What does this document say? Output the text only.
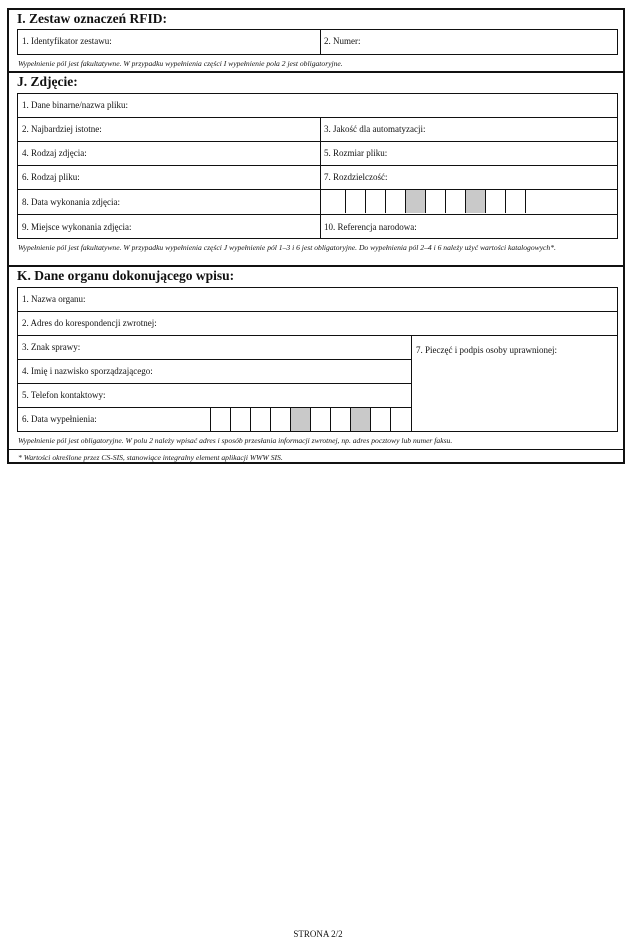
I. Zestaw oznaczeń RFID:
1. Identyfikator zestawu:	2. Numer:
Wypełnienie pól jest fakultatywne. W przypadku wypełnienia części I wypełnienie pola 2 jest obligatoryjne.
J. Zdjęcie:
1. Dane binarne/nazwa pliku:
2. Najbardziej istotne:	3. Jakość dla automatyzacji:
4. Rodzaj zdjęcia:	5. Rozmiar pliku:
6. Rodzaj pliku:	7. Rozdzielczość:
8. Data wykonania zdjęcia:
9. Miejsce wykonania zdjęcia:	10. Referencja narodowa:
Wypełnienie pól jest fakultatywne. W przypadku wypełnienia części J wypełnienie pól 1–3 i 6 jest obligatoryjne. Do wypełnienia pól 2–4 i 6 należy użyć wartości katalogowych*.
K. Dane organu dokonującego wpisu:
1. Nazwa organu:
2. Adres do korespondencji zwrotnej:
3. Znak sprawy:	7. Pieczęć i podpis osoby uprawnionej:
4. Imię i nazwisko sporządzającego:
5. Telefon kontaktowy:
6. Data wypełnienia:
Wypełnienie pól jest obligatoryjne. W polu 2 należy wpisać adres i sposób przesłania informacji zwrotnej, np. adres pocztowy lub numer faksu.
* Wartości określone przez CS-SIS, stanowiące integralny element aplikacji WWW SIS.
STRONA 2/2
